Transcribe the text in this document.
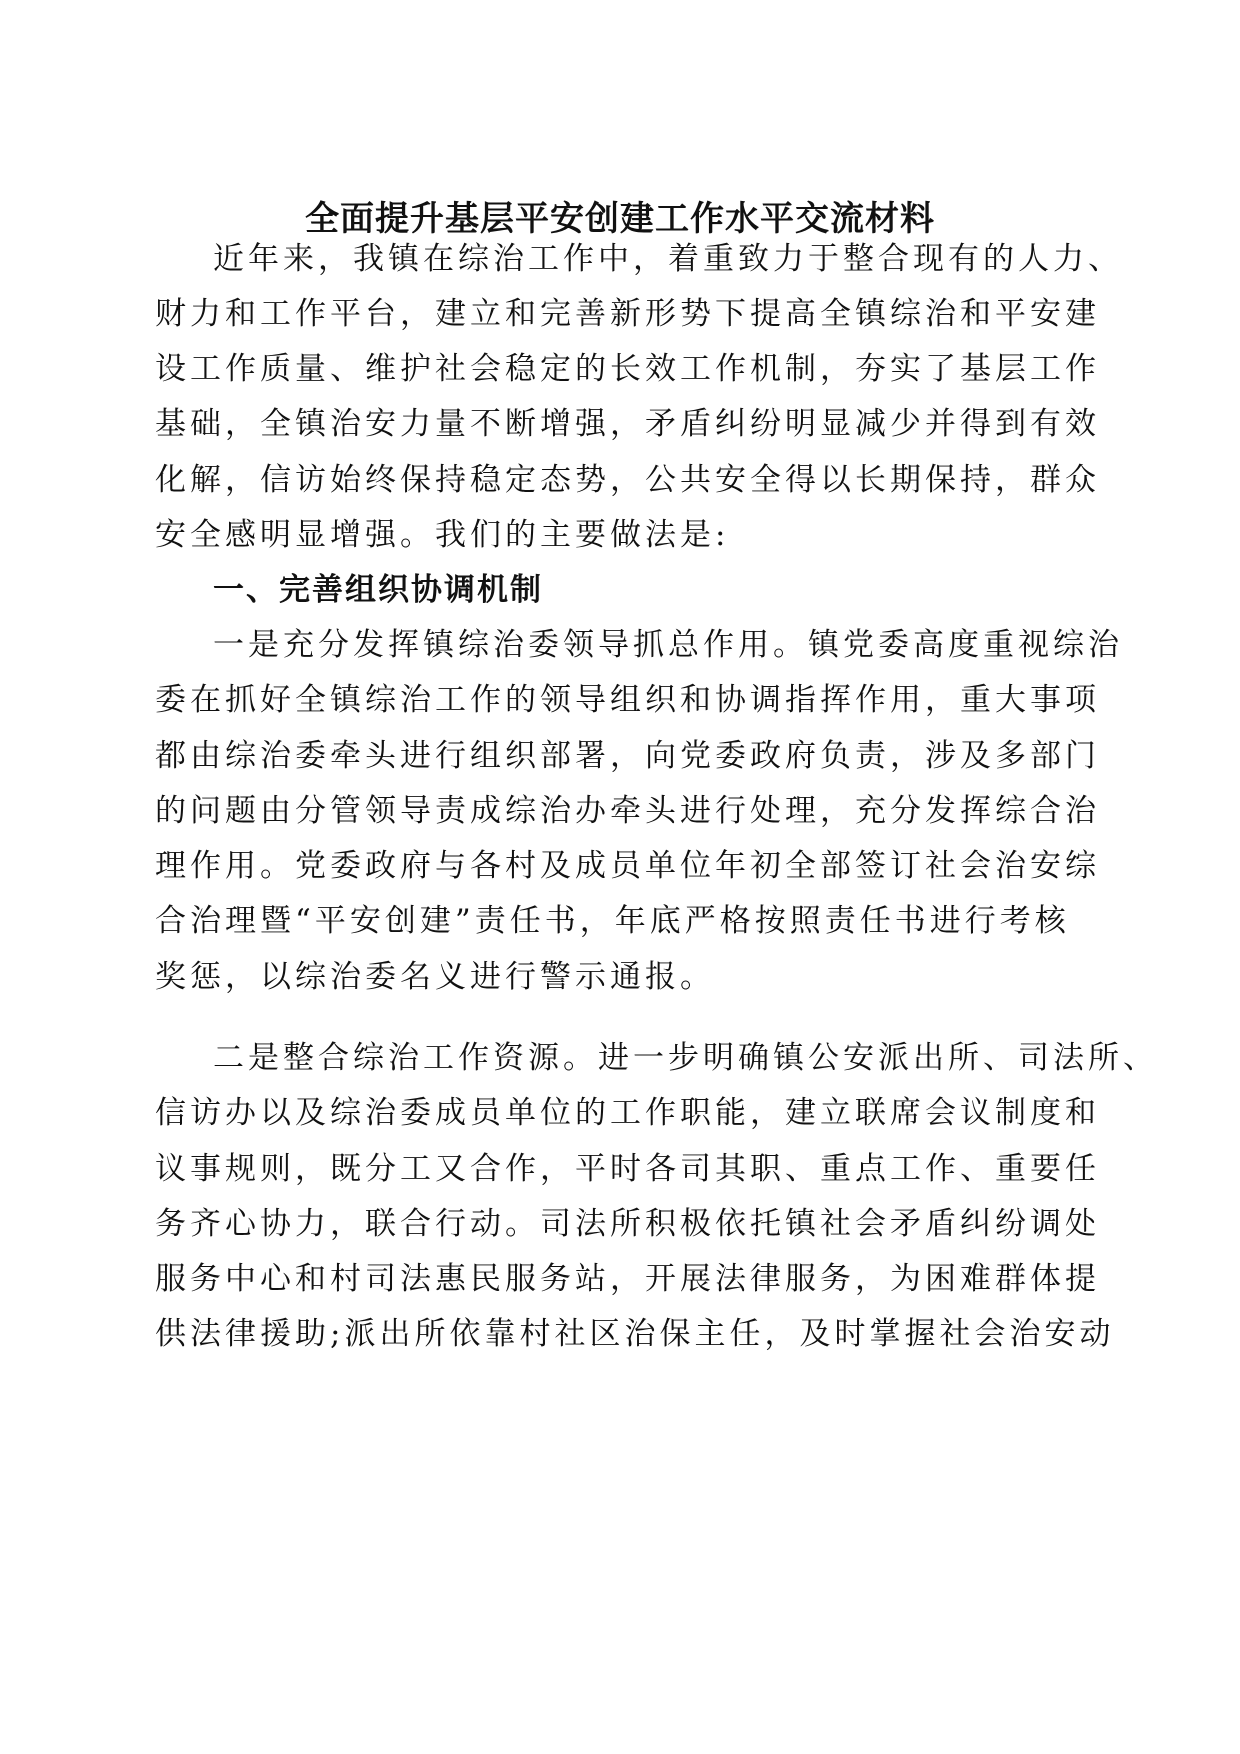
全面提升基层平安创建工作水平交流材料
近年来，我镇在综治工作中，着重致力于整合现有的人力、
财力和工作平台，建立和完善新形势下提高全镇综治和平安建
设工作质量、维护社会稳定的长效工作机制，夯实了基层工作
基础，全镇治安力量不断增强，矛盾纠纷明显减少并得到有效
化解，信访始终保持稳定态势，公共安全得以长期保持，群众
安全感明显增强。我们的主要做法是:
一、完善组织协调机制
一是充分发挥镇综治委领导抓总作用。镇党委高度重视综治
委在抓好全镇综治工作的领导组织和协调指挥作用，重大事项
都由综治委牵头进行组织部署，向党委政府负责，涉及多部门
的问题由分管领导责成综治办牵头进行处理，充分发挥综合治
理作用。党委政府与各村及成员单位年初全部签订社会治安综
合治理暨“平安创建”责任书，年底严格按照责任书进行考核
奖惩，以综治委名义进行警示通报。
二是整合综治工作资源。进一步明确镇公安派出所、司法所、
信访办以及综治委成员单位的工作职能，建立联席会议制度和
议事规则，既分工又合作，平时各司其职、重点工作、重要任
务齐心协力，联合行动。司法所积极依托镇社会矛盾纠纷调处
服务中心和村司法惠民服务站，开展法律服务，为困难群体提
供法律援助;派出所依靠村社区治保主任，及时掌握社会治安动
